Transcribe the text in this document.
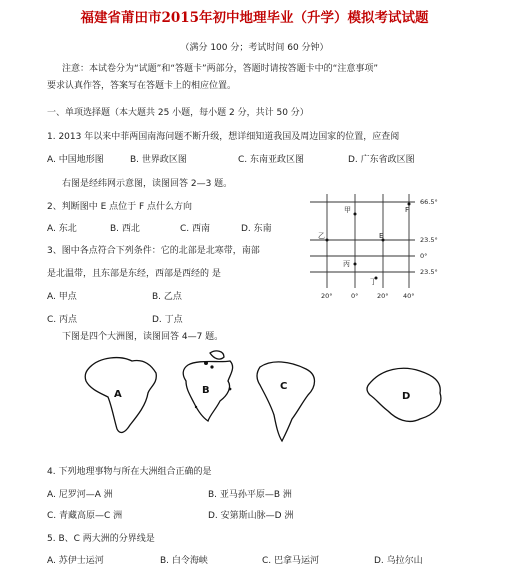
福建省莆田市2015年初中地理毕业（升学）模拟考试试题
（满分 100 分；考试时间 60 分钟）
注意：本试卷分为“试题”和“答题卡”两部分，答题时请按答题卡中的“注意事项”
要求认真作答，答案写在答题卡上的相应位置。
一、单项选择题（本大题共 25 小题，每小题 2 分，共计 50 分）
1. 2013 年以来中菲两国南海问题不断升级，想详细知道我国及周边国家的位置，应查阅
A. 中国地形图	B. 世界政区图	C. 东南亚政区图	D. 广东省政区图
右图是经纬网示意图，读图回答 2—3 题。
2、判断图中 E 点位于 F 点什么方向
A. 东北	B. 西北	C. 西南	D. 东南
3、图中各点符合下列条件：它的北部是北寒带，南部
是北温带，且东部是东经，西部是西经的 是
A. 甲点	B. 乙点
C. 丙点	D. 丁点
66.5°
23.5°
0°
23.5°
20°	0°	20° 40°
甲	F
乙	E
丙
丁
下图是四个大洲图，读图回答 4—7 题。
A	B	C
D
4. 下列地理事物与所在大洲组合正确的是
A. 尼罗河—A 洲	B. 亚马孙平原—B 洲
C. 青藏高原—C 洲	D. 安第斯山脉—D 洲
5. B、C 两大洲的分界线是
A. 苏伊士运河	B. 白令海峡	C. 巴拿马运河	D. 乌拉尔山
